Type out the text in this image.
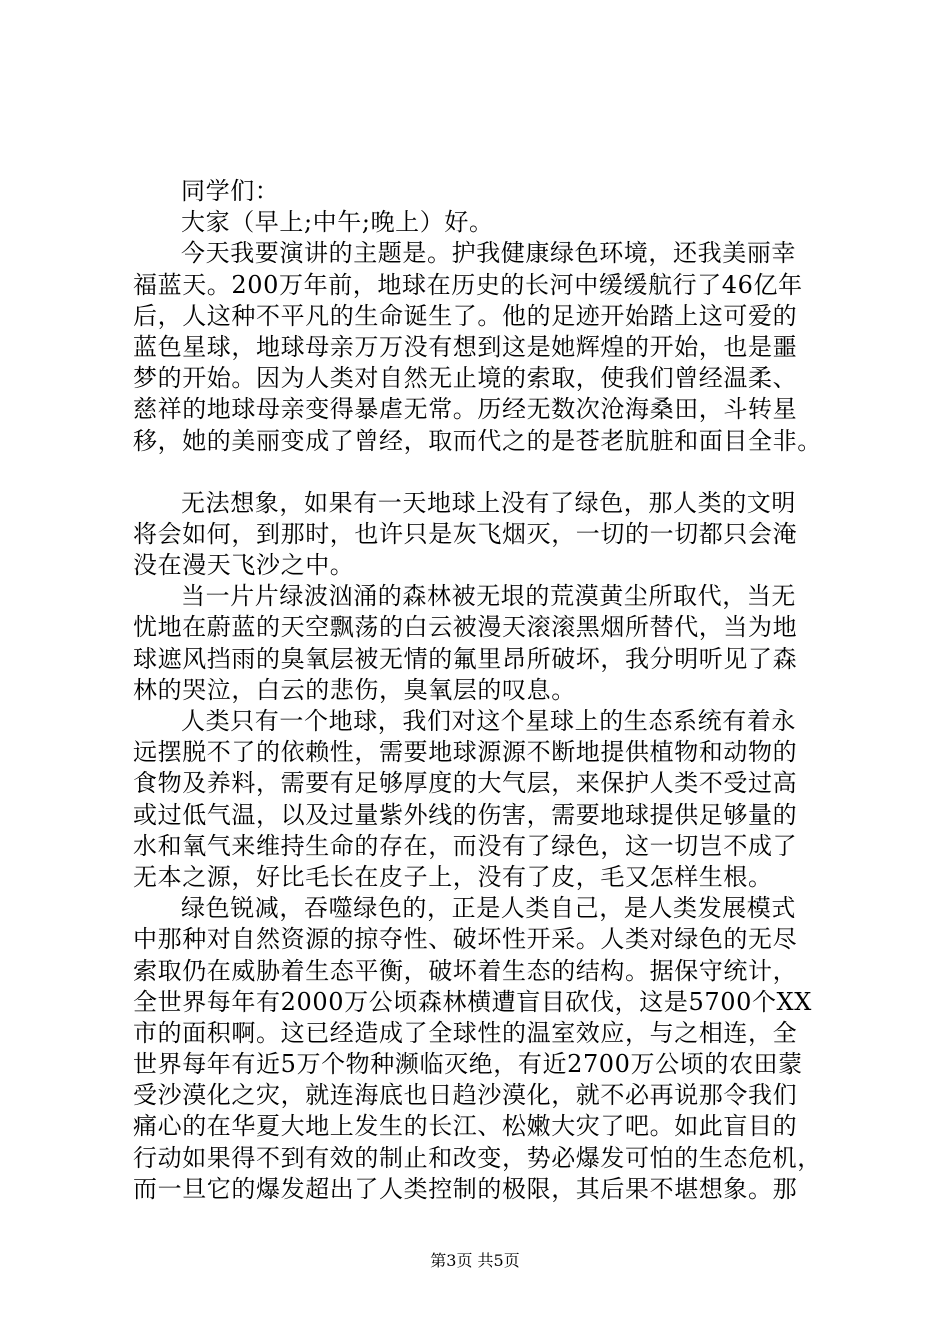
同学们：
大家（早上;中午;晚上）好。
今天我要演讲的主题是。护我健康绿色环境，还我美丽幸
福蓝天。200万年前，地球在历史的长河中缓缓航行了46亿年
后，人这种不平凡的生命诞生了。他的足迹开始踏上这可爱的
蓝色星球，地球母亲万万没有想到这是她辉煌的开始，也是噩
梦的开始。因为人类对自然无止境的索取，使我们曾经温柔、
慈祥的地球母亲变得暴虐无常。历经无数次沧海桑田，斗转星
移，她的美丽变成了曾经，取而代之的是苍老肮脏和面目全非。
无法想象，如果有一天地球上没有了绿色，那人类的文明
将会如何，到那时，也许只是灰飞烟灭，一切的一切都只会淹
没在漫天飞沙之中。
当一片片绿波汹涌的森林被无垠的荒漠黄尘所取代，当无
忧地在蔚蓝的天空飘荡的白云被漫天滚滚黑烟所替代，当为地
球遮风挡雨的臭氧层被无情的氟里昂所破坏，我分明听见了森
林的哭泣，白云的悲伤，臭氧层的叹息。
人类只有一个地球，我们对这个星球上的生态系统有着永
远摆脱不了的依赖性，需要地球源源不断地提供植物和动物的
食物及养料，需要有足够厚度的大气层，来保护人类不受过高
或过低气温，以及过量紫外线的伤害，需要地球提供足够量的
水和氧气来维持生命的存在，而没有了绿色，这一切岂不成了
无本之源，好比毛长在皮子上，没有了皮，毛又怎样生根。
绿色锐减，吞噬绿色的，正是人类自己，是人类发展模式
中那种对自然资源的掠夺性、破坏性开采。人类对绿色的无尽
索取仍在威胁着生态平衡，破坏着生态的结构。据保守统计，
全世界每年有2000万公顷森林横遭盲目砍伐，这是5700个XX
市的面积啊。这已经造成了全球性的温室效应，与之相连，全
世界每年有近5万个物种濒临灭绝，有近2700万公顷的农田蒙
受沙漠化之灾，就连海底也日趋沙漠化，就不必再说那令我们
痛心的在华夏大地上发生的长江、松嫩大灾了吧。如此盲目的
行动如果得不到有效的制止和改变，势必爆发可怕的生态危机，
而一旦它的爆发超出了人类控制的极限，其后果不堪想象。那
第3页 共5页
